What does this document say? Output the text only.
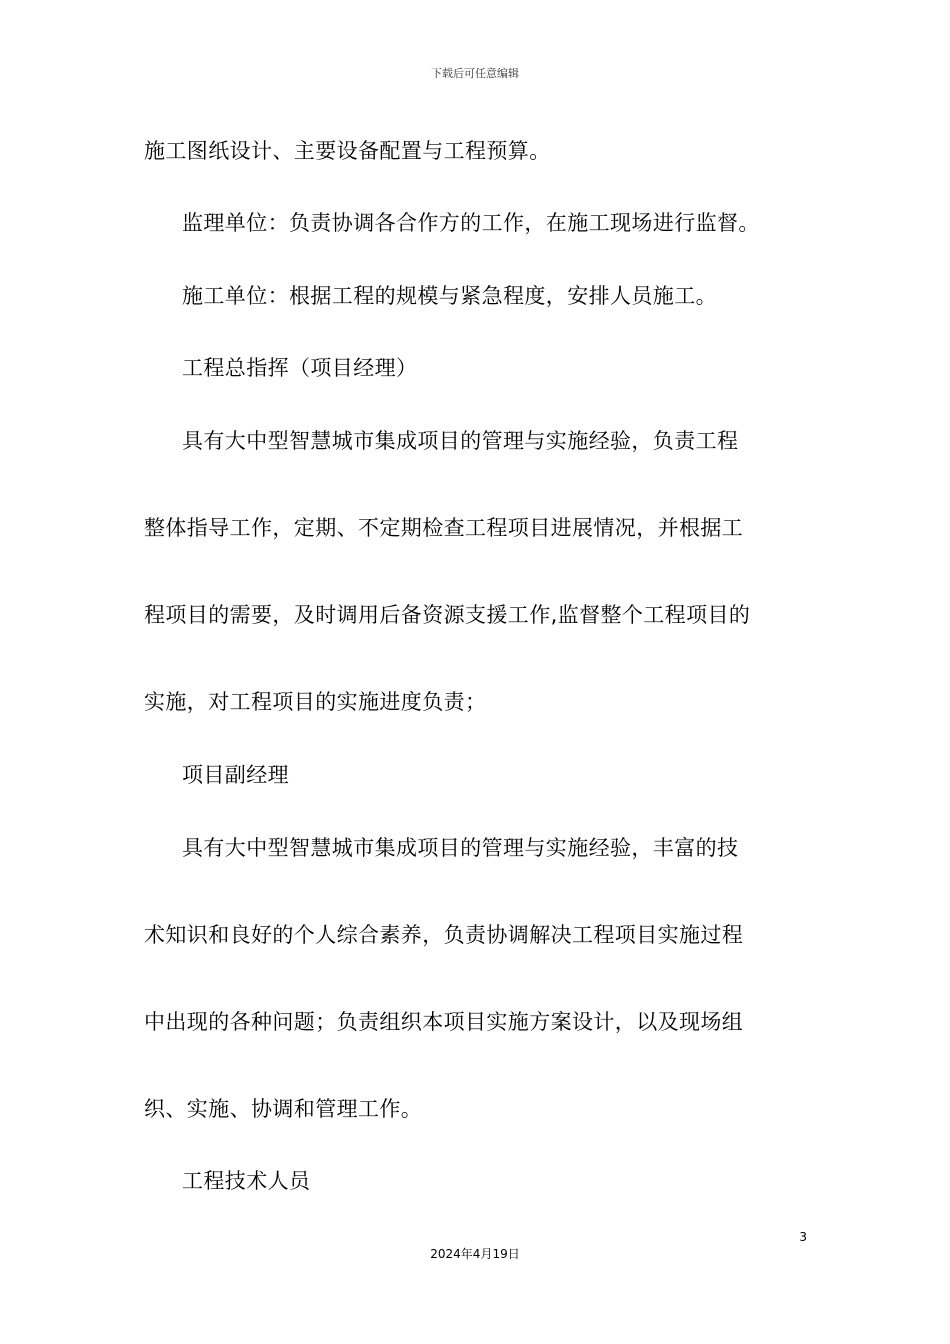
下载后可任意编辑
施工图纸设计、主要设备配置与工程预算。
监理单位：负责协调各合作方的工作，在施工现场进行监督。
施工单位：根据工程的规模与紧急程度，安排人员施工。
工程总指挥（项目经理）
具有大中型智慧城市集成项目的管理与实施经验，负责工程
整体指导工作，定期、不定期检查工程项目进展情况，并根据工
程项目的需要，及时调用后备资源支援工作,监督整个工程项目的
实施，对工程项目的实施进度负责；
项目副经理
具有大中型智慧城市集成项目的管理与实施经验，丰富的技
术知识和良好的个人综合素养，负责协调解决工程项目实施过程
中出现的各种问题；负责组织本项目实施方案设计，以及现场组
织、实施、协调和管理工作。
工程技术人员
3
2024年4月19日
